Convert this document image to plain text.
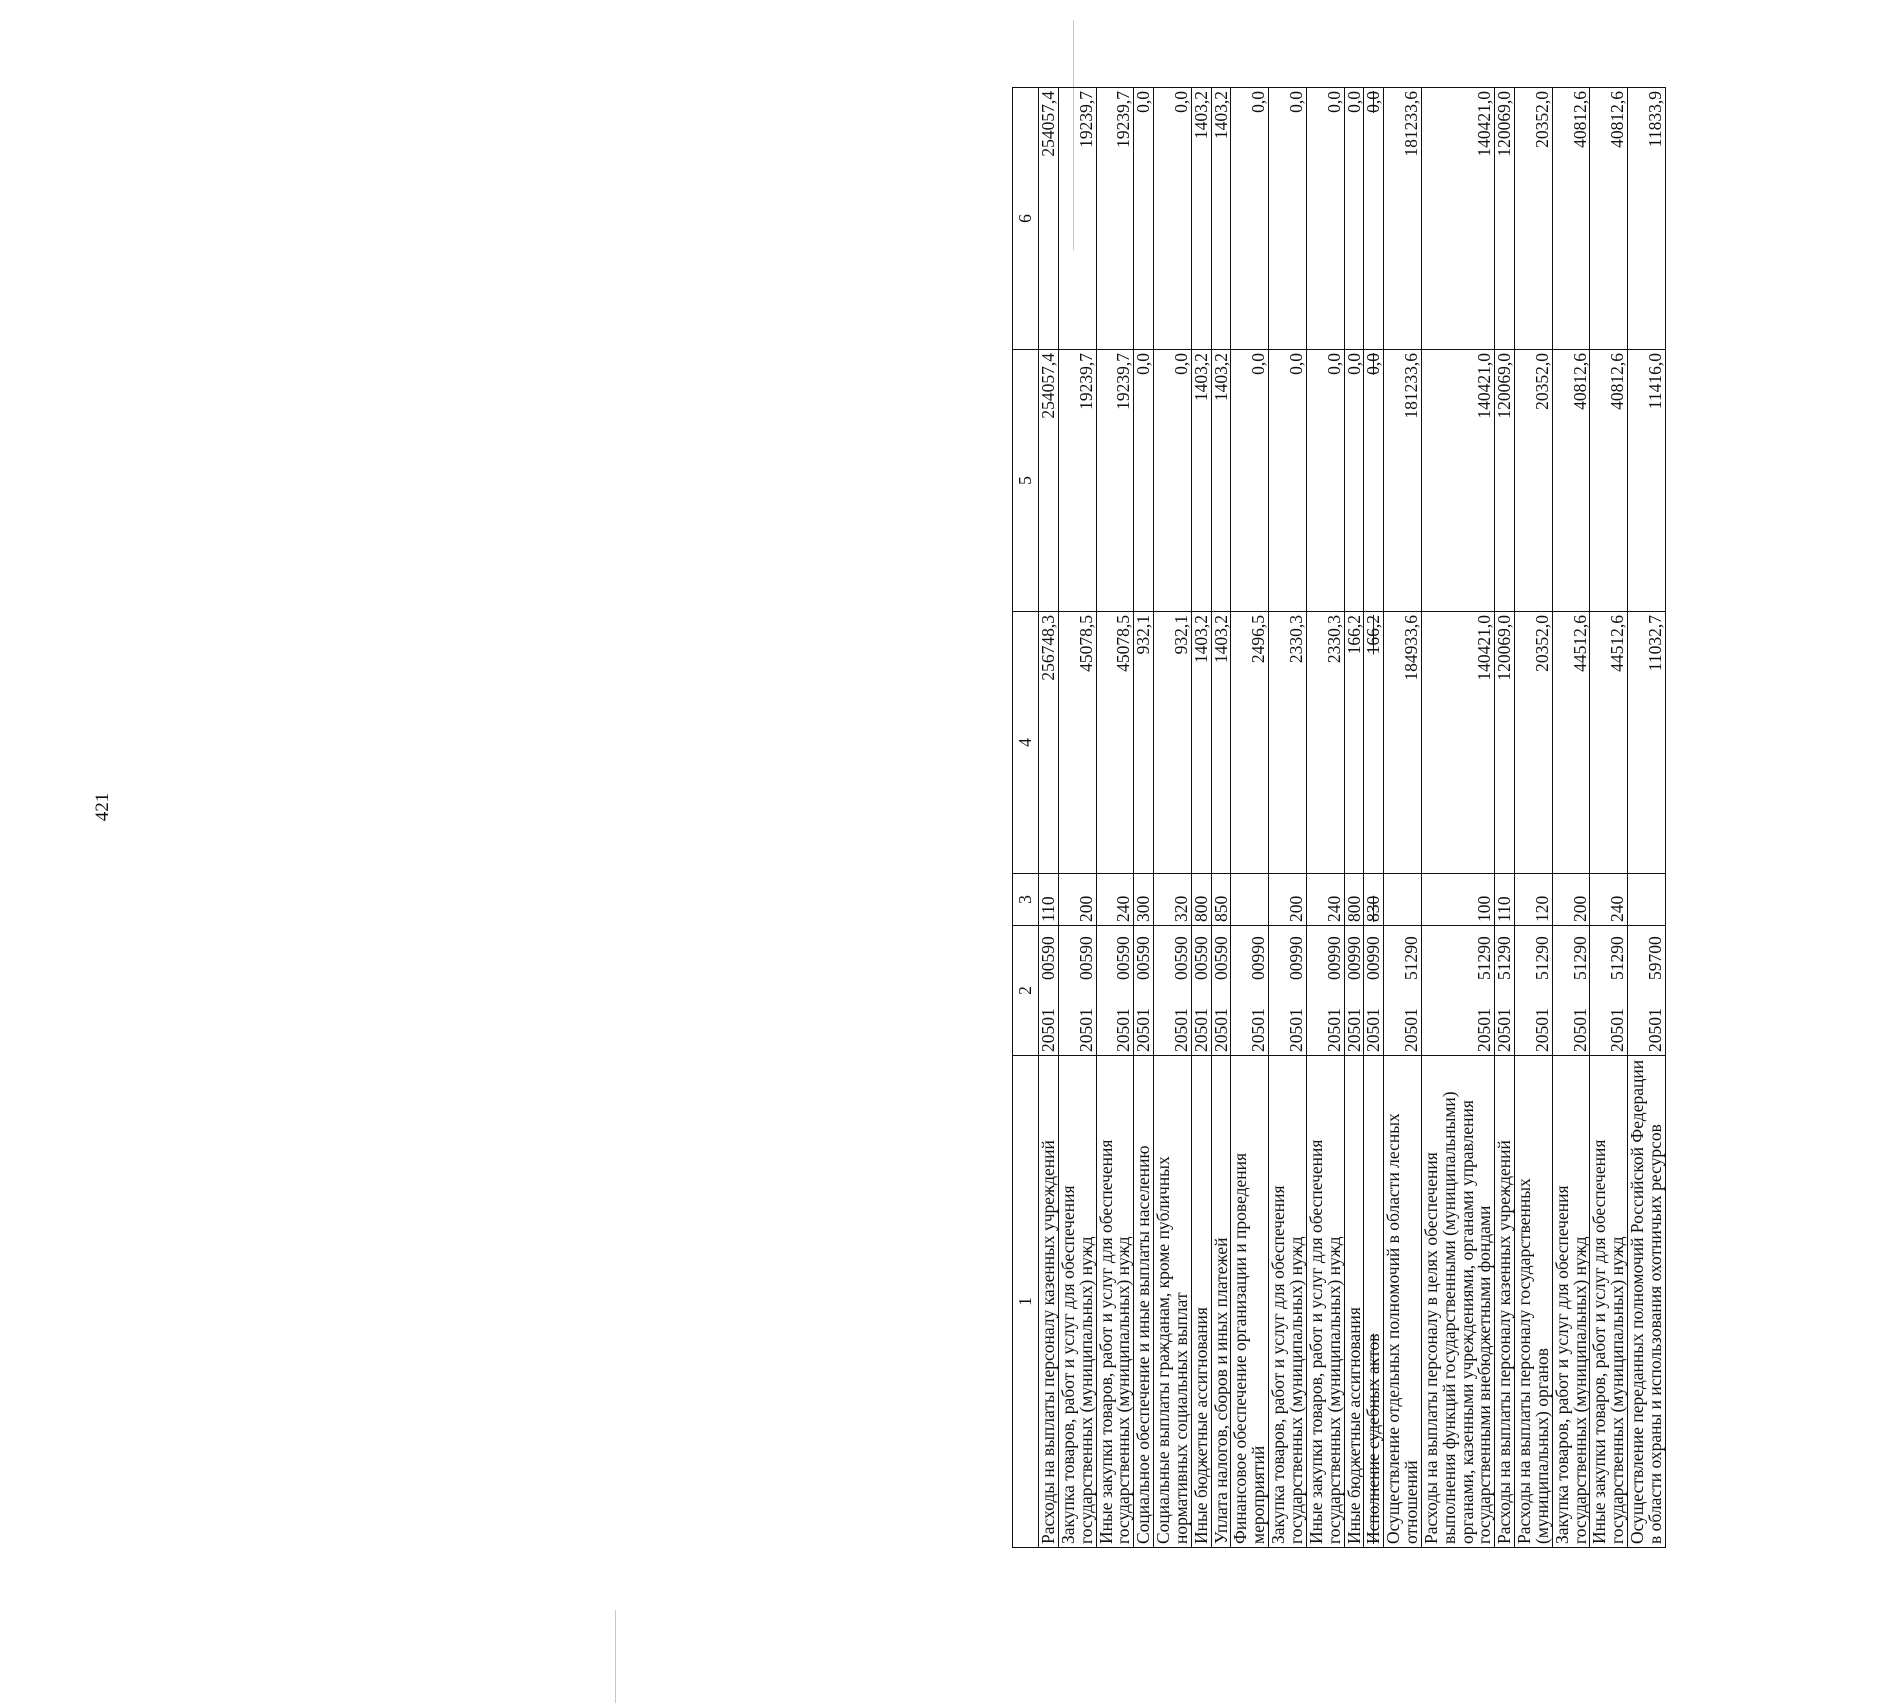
421
1	2	3	4	5	6
Расходы на выплаты персоналу казенных учреждений	2050100590	110	256748,3	254057,4	254057,4
Закупка товаров, работ и услуг для обеспечения государственных (муниципальных) нужд	2050100590	200	45078,5	19239,7	19239,7
Иные закупки товаров, работ и услуг для обеспечения государственных (муниципальных) нужд	2050100590	240	45078,5	19239,7	19239,7
Социальное обеспечение и иные выплаты населению	2050100590	300	932,1	0,0	0,0
Социальные выплаты гражданам, кроме публичных нормативных социальных выплат	2050100590	320	932,1	0,0	0,0
Иные бюджетные ассигнования	2050100590	800	1403,2	1403,2	1403,2
Уплата налогов, сборов и иных платежей	2050100590	850	1403,2	1403,2	1403,2
Финансовое обеспечение организации и проведения мероприятий	2050100990		2496,5	0,0	0,0
Закупка товаров, работ и услуг для обеспечения государственных (муниципальных) нужд	2050100990	200	2330,3	0,0	0,0
Иные закупки товаров, работ и услуг для обеспечения государственных (муниципальных) нужд	2050100990	240	2330,3	0,0	0,0
Иные бюджетные ассигнования	2050100990	800	166,2	0,0	0,0
Исполнение судебных актов	2050100990	830	166,2	0,0	0,0
Осуществление отдельных полномочий в области лесных отношений	2050151290		184933,6	181233,6	181233,6
Расходы на выплаты персоналу в целях обеспечения выполнения функций государственными (муниципальными) органами, казенными учреждениями, органами управления государственными внебюджетными фондами	2050151290	100	140421,0	140421,0	140421,0
Расходы на выплаты персоналу казенных учреждений	2050151290	110	120069,0	120069,0	120069,0
Расходы на выплаты персоналу государственных (муниципальных) органов	2050151290	120	20352,0	20352,0	20352,0
Закупка товаров, работ и услуг для обеспечения государственных (муниципальных) нужд	2050151290	200	44512,6	40812,6	40812,6
Иные закупки товаров, работ и услуг для обеспечения государственных (муниципальных) нужд	2050151290	240	44512,6	40812,6	40812,6
Осуществление переданных полномочий Российской Федерации в области охраны и использования охотничьих ресурсов	2050159700		11032,7	11416,0	11833,9
